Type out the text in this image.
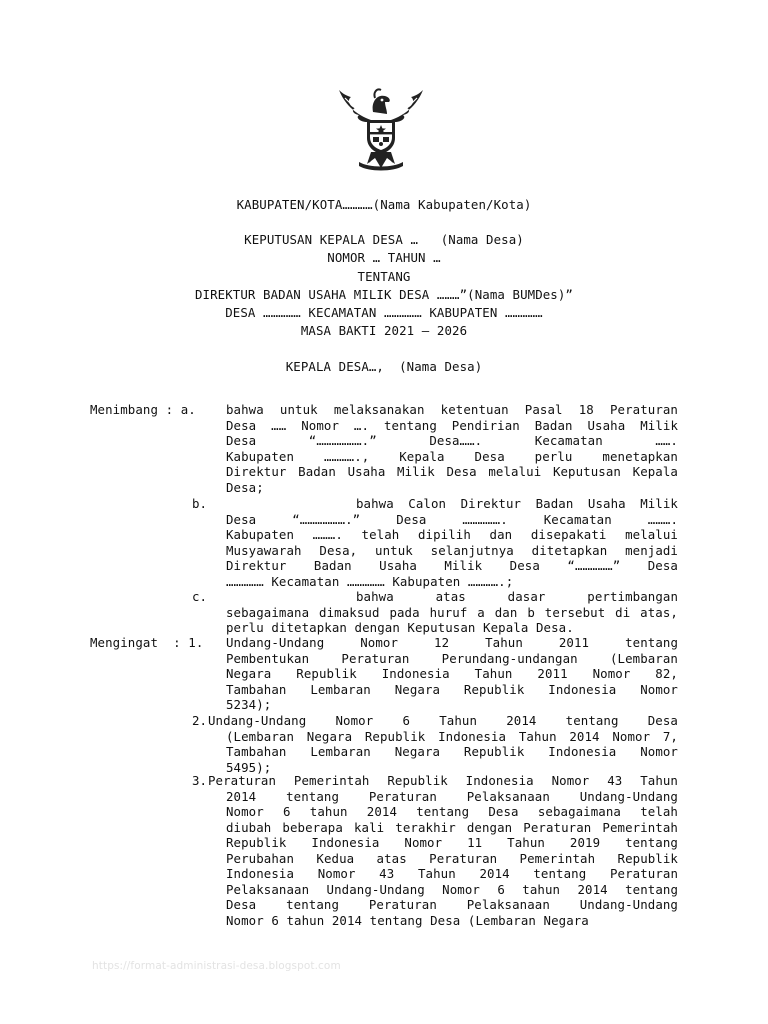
KABUPATEN/KOTA…………(Nama Kabupaten/Kota)
KEPUTUSAN KEPALA DESA …   (Nama Desa)
NOMOR … TAHUN …
TENTANG
DIREKTUR BADAN USAHA MILIK DESA ………”(Nama BUMDes)”
DESA …………… KECAMATAN …………… KABUPATEN ……………
MASA BAKTI 2021 – 2026
KEPALA DESA…,  (Nama Desa)
Menimbang : a. bahwa untuk melaksanakan ketentuan Pasal 18 Peraturan
Desa …… Nomor …. tentang Pendirian Badan Usaha Milik
Desa “……………….” Desa……. Kecamatan …….
Kabupaten …………., Kepala Desa perlu menetapkan
Direktur Badan Usaha Milik Desa melalui Keputusan Kepala
Desa;
b.	bahwa Calon Direktur Badan Usaha Milik
Desa “……………….” Desa ……………. Kecamatan ……….
Kabupaten ………. telah dipilih dan disepakati melalui
Musyawarah Desa, untuk selanjutnya ditetapkan menjadi
Direktur Badan Usaha Milik Desa “……………” Desa
…………… Kecamatan …………… Kabupaten ………….;
c.	bahwa atas dasar pertimbangan
sebagaimana dimaksud pada huruf a dan b tersebut di atas,
perlu ditetapkan dengan Keputusan Kepala Desa.
Mengingat  : 1. Undang-Undang Nomor 12 Tahun 2011 tentang
Pembentukan Peraturan Perundang-undangan (Lembaran
Negara Republik Indonesia Tahun 2011 Nomor 82,
Tambahan Lembaran Negara Republik Indonesia Nomor
5234);
2. Undang-Undang Nomor 6 Tahun 2014 tentang Desa
(Lembaran Negara Republik Indonesia Tahun 2014 Nomor 7,
Tambahan Lembaran Negara Republik Indonesia Nomor
5495);
3. Peraturan Pemerintah Republik Indonesia Nomor 43 Tahun
2014 tentang Peraturan Pelaksanaan Undang-Undang
Nomor 6 tahun 2014 tentang Desa sebagaimana telah
diubah beberapa kali terakhir dengan Peraturan Pemerintah
Republik Indonesia Nomor 11 Tahun 2019 tentang
Perubahan Kedua atas Peraturan Pemerintah Republik
Indonesia Nomor 43 Tahun 2014 tentang Peraturan
Pelaksanaan Undang-Undang Nomor 6 tahun 2014 tentang
Desa tentang Peraturan Pelaksanaan Undang-Undang
Nomor 6 tahun 2014 tentang Desa (Lembaran Negara
https://format-administrasi-desa.blogspot.com
